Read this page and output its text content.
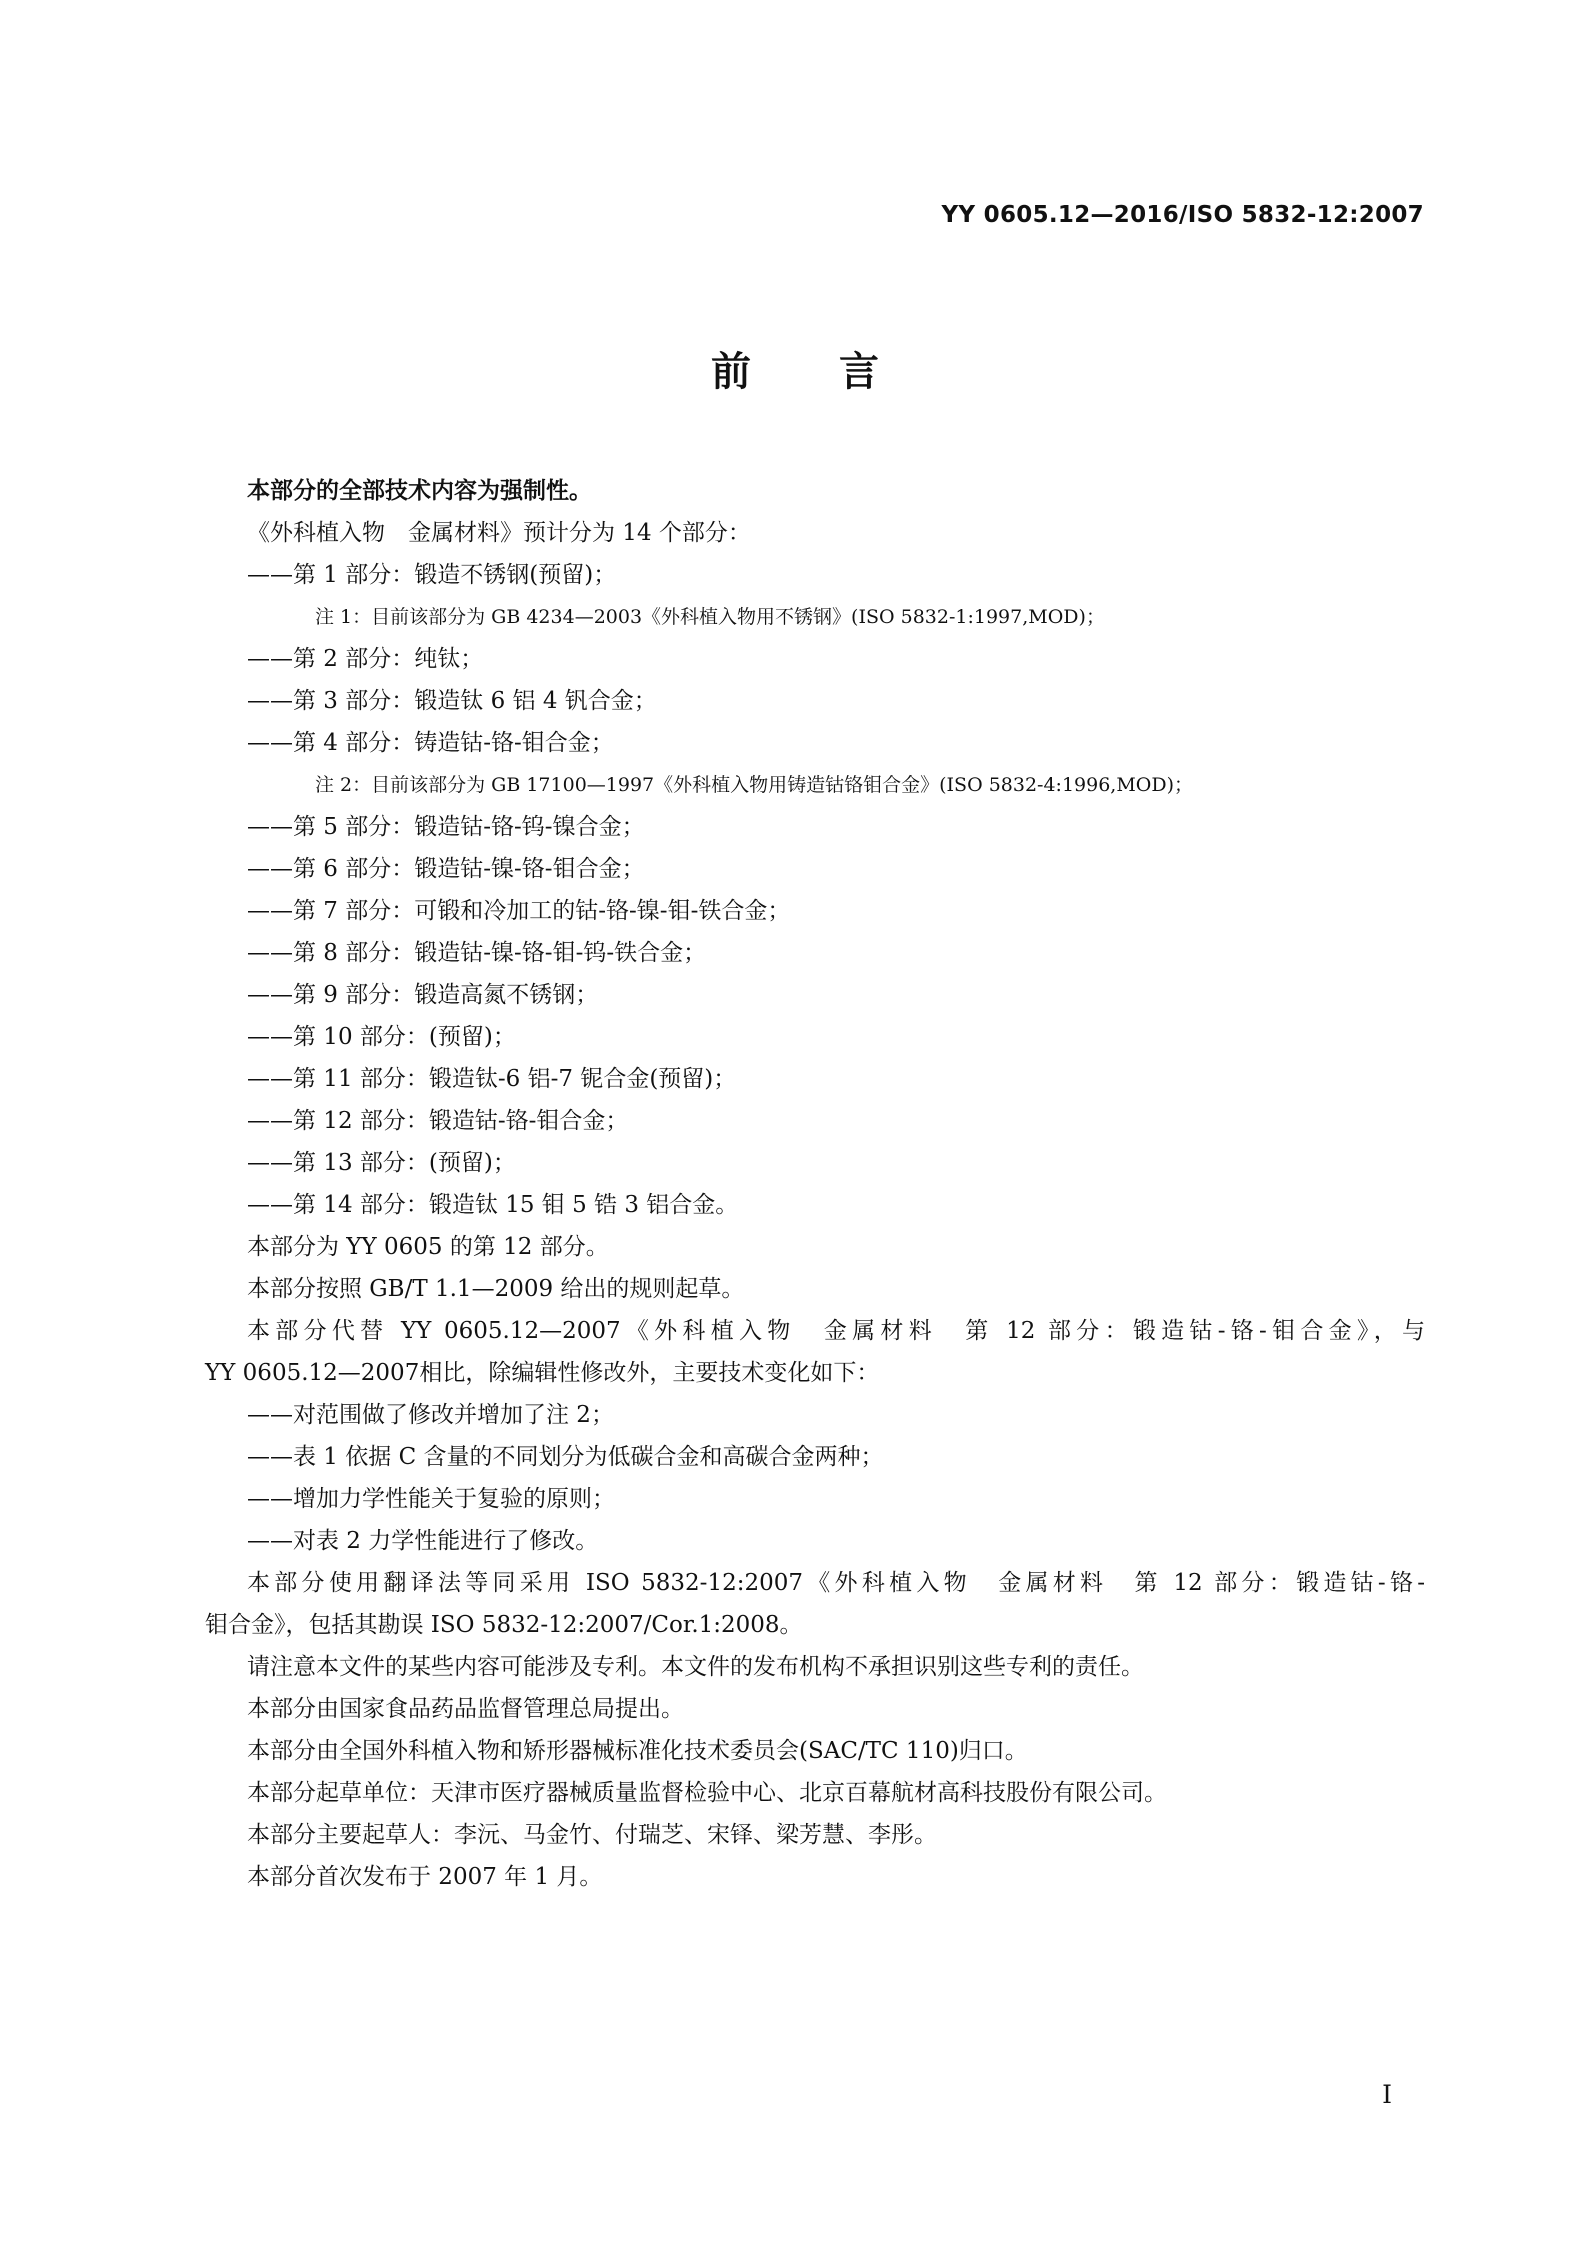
YY 0605.12—2016/ISO 5832-12:2007
前言
本部分的全部技术内容为强制性。
《外科植入物　金属材料》预计分为 14 个部分：
——第 1 部分：锻造不锈钢(预留)；
注 1：目前该部分为 GB 4234—2003《外科植入物用不锈钢》(ISO 5832-1:1997,MOD)；
——第 2 部分：纯钛；
——第 3 部分：锻造钛 6 铝 4 钒合金；
——第 4 部分：铸造钴-铬-钼合金；
注 2：目前该部分为 GB 17100—1997《外科植入物用铸造钴铬钼合金》(ISO 5832-4:1996,MOD)；
——第 5 部分：锻造钴-铬-钨-镍合金；
——第 6 部分：锻造钴-镍-铬-钼合金；
——第 7 部分：可锻和冷加工的钴-铬-镍-钼-铁合金；
——第 8 部分：锻造钴-镍-铬-钼-钨-铁合金；
——第 9 部分：锻造高氮不锈钢；
——第 10 部分：(预留)；
——第 11 部分：锻造钛-6 铝-7 铌合金(预留)；
——第 12 部分：锻造钴-铬-钼合金；
——第 13 部分：(预留)；
——第 14 部分：锻造钛 15 钼 5 锆 3 铝合金。
本部分为 YY 0605 的第 12 部分。
本部分按照 GB/T 1.1—2009 给出的规则起草。
本部分代替 YY 0605.12—2007《外科植入物　金属材料　第 12 部分：锻造钴-铬-钼合金》，与
YY 0605.12—2007相比，除编辑性修改外，主要技术变化如下：
——对范围做了修改并增加了注 2；
——表 1 依据 C 含量的不同划分为低碳合金和高碳合金两种；
——增加力学性能关于复验的原则；
——对表 2 力学性能进行了修改。
本部分使用翻译法等同采用 ISO 5832-12:2007《外科植入物　金属材料　第 12 部分：锻造钴-铬-
钼合金》，包括其勘误 ISO 5832-12:2007/Cor.1:2008。
请注意本文件的某些内容可能涉及专利。本文件的发布机构不承担识别这些专利的责任。
本部分由国家食品药品监督管理总局提出。
本部分由全国外科植入物和矫形器械标准化技术委员会(SAC/TC 110)归口。
本部分起草单位：天津市医疗器械质量监督检验中心、北京百幕航材高科技股份有限公司。
本部分主要起草人：李沅、马金竹、付瑞芝、宋铎、梁芳慧、李彤。
本部分首次发布于 2007 年 1 月。
I
